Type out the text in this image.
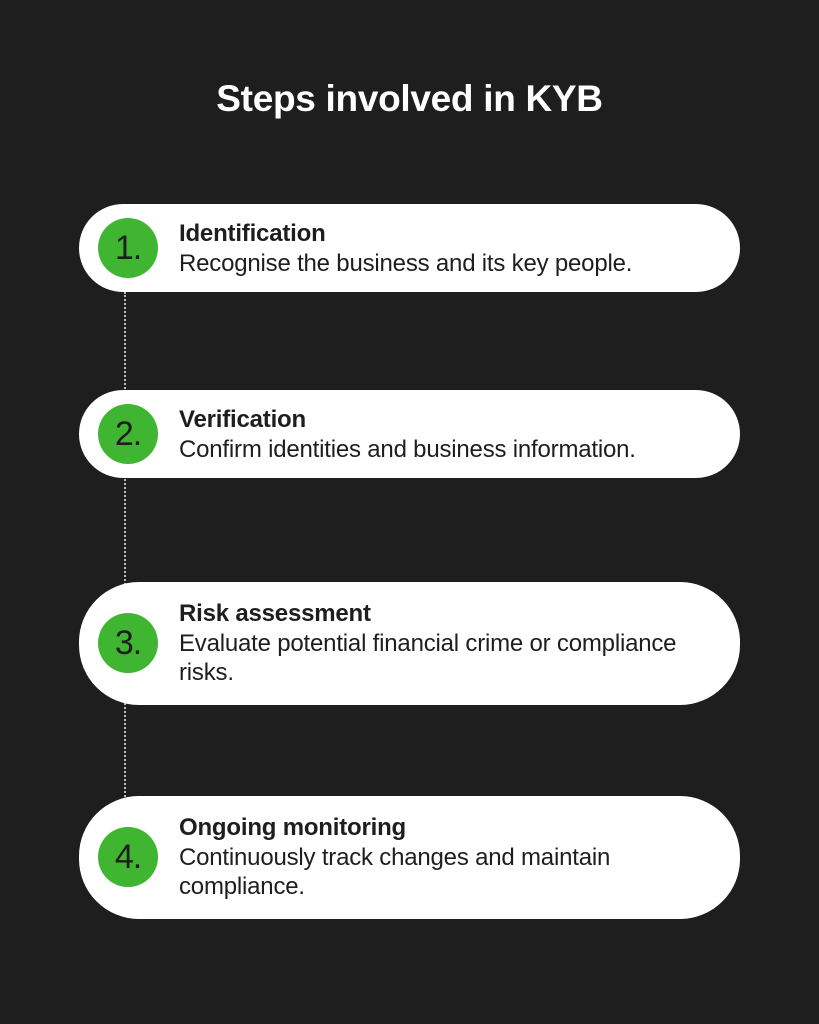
Steps involved in KYB
1.	Identification
Recognise the business and its key people.
2.	Verification
Confirm identities and business information.
3.
Risk assessment
Evaluate potential financial crime or compliance risks.
4.
Ongoing monitoring
Continuously track changes and maintain compliance.
